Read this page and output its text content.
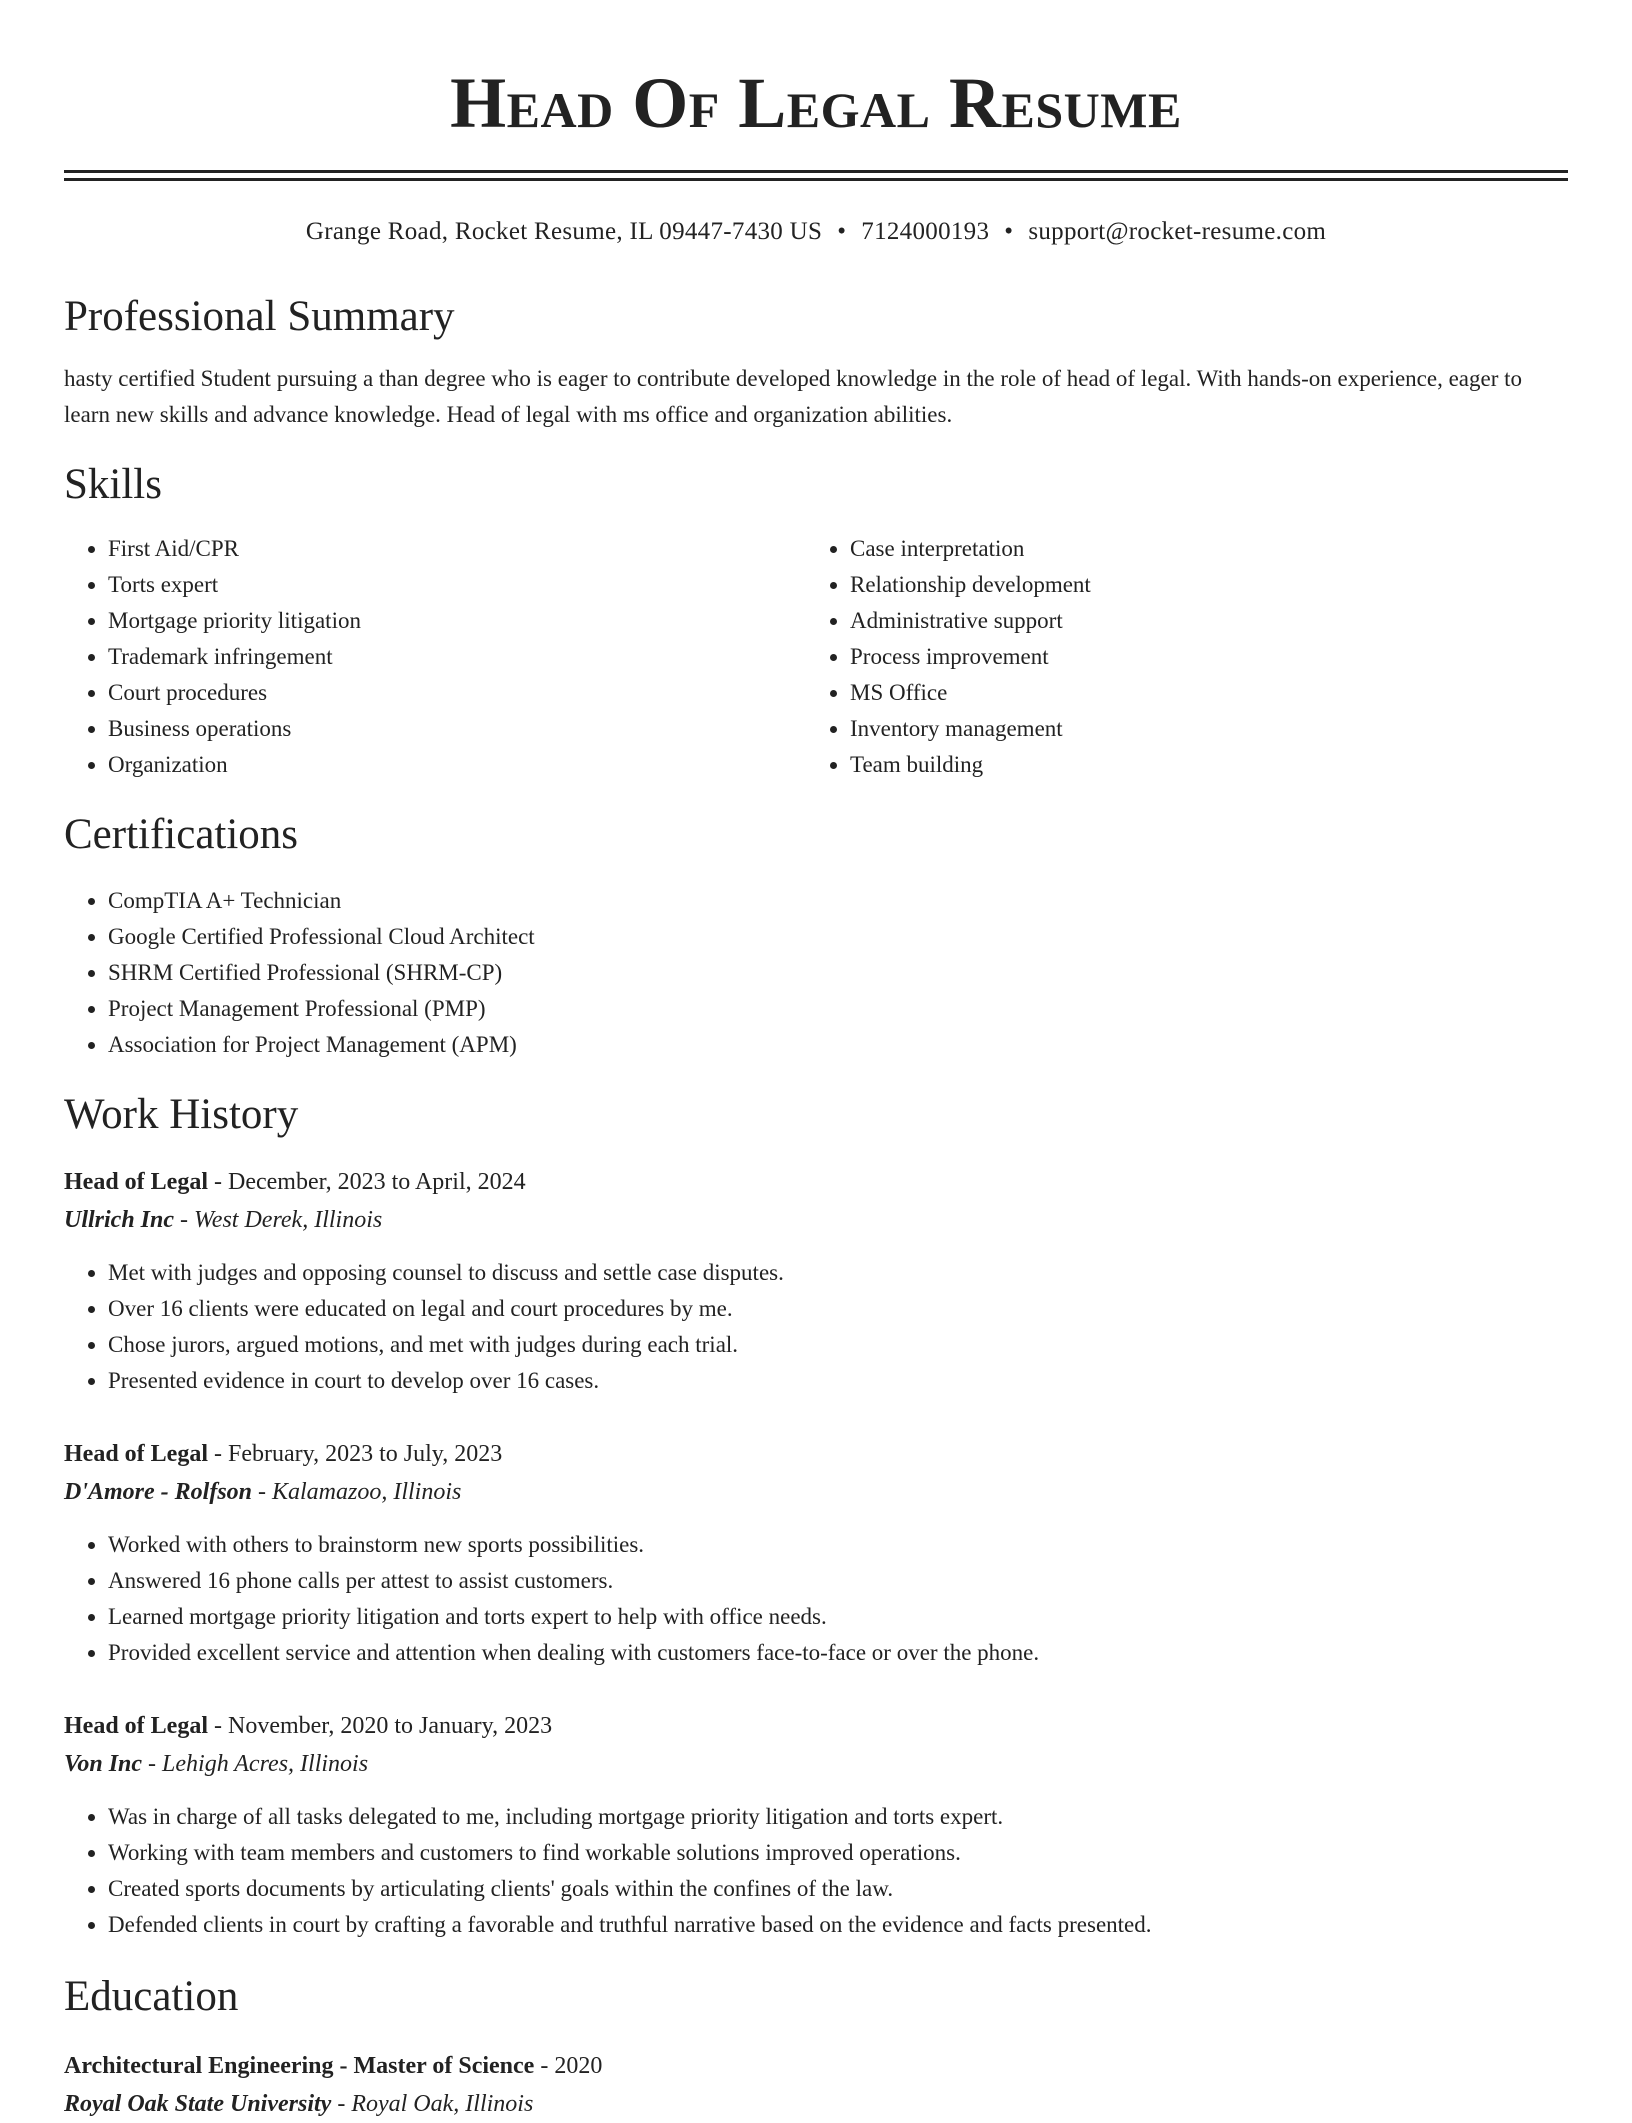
Head Of Legal Resume
Grange Road, Rocket Resume, IL 09447-7430 US • 7124000193 • support@rocket-resume.com
Professional Summary
hasty certified Student pursuing a than degree who is eager to contribute developed knowledge in the role of head of legal. With hands-on experience, eager to learn new skills and advance knowledge. Head of legal with ms office and organization abilities.
Skills
• First Aid/CPR
• Torts expert
• Mortgage priority litigation
• Trademark infringement
• Court procedures
• Business operations
• Organization
• Case interpretation
• Relationship development
• Administrative support
• Process improvement
• MS Office
• Inventory management
• Team building
Certifications
• CompTIA A+ Technician
• Google Certified Professional Cloud Architect
• SHRM Certified Professional (SHRM-CP)
• Project Management Professional (PMP)
• Association for Project Management (APM)
Work History
Head of Legal - December, 2023 to April, 2024
Ullrich Inc - West Derek, Illinois
• Met with judges and opposing counsel to discuss and settle case disputes.
• Over 16 clients were educated on legal and court procedures by me.
• Chose jurors, argued motions, and met with judges during each trial.
• Presented evidence in court to develop over 16 cases.
Head of Legal - February, 2023 to July, 2023
D'Amore - Rolfson - Kalamazoo, Illinois
• Worked with others to brainstorm new sports possibilities.
• Answered 16 phone calls per attest to assist customers.
• Learned mortgage priority litigation and torts expert to help with office needs.
• Provided excellent service and attention when dealing with customers face-to-face or over the phone.
Head of Legal - November, 2020 to January, 2023
Von Inc - Lehigh Acres, Illinois
• Was in charge of all tasks delegated to me, including mortgage priority litigation and torts expert.
• Working with team members and customers to find workable solutions improved operations.
• Created sports documents by articulating clients' goals within the confines of the law.
• Defended clients in court by crafting a favorable and truthful narrative based on the evidence and facts presented.
Education
Architectural Engineering - Master of Science - 2020
Royal Oak State University - Royal Oak, Illinois
